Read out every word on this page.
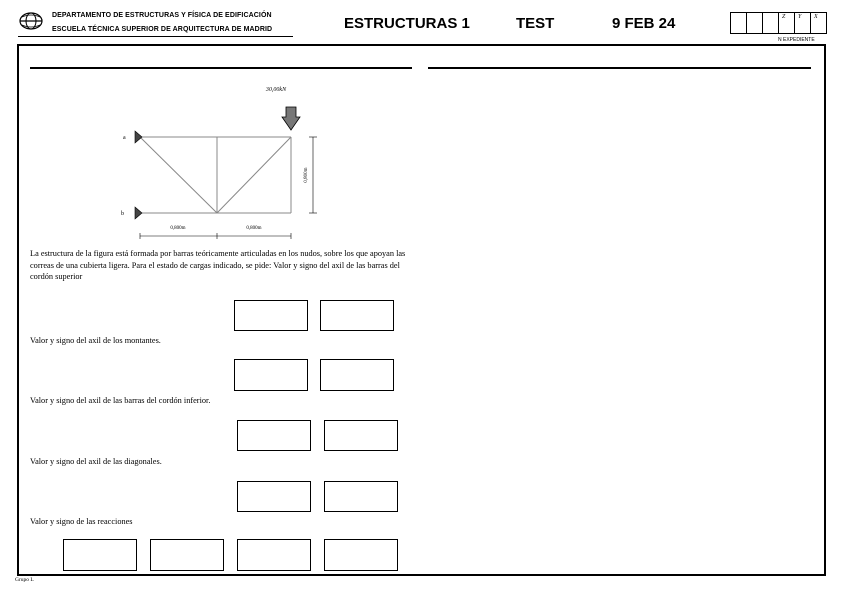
DEPARTAMENTO DE ESTRUCTURAS Y FÍSICA DE EDIFICACIÓN
ESCUELA TÉCNICA SUPERIOR DE ARQUITECTURA DE MADRID	ESTRUCTURAS 1	TEST	9 FEB 24	Z Y X
N EXPEDIENTE
30,00kN
a
b
0,800m
0,800m	0,800m
La estructura de la figura está formada por barras teóricamente articuladas en los nudos, sobre los que apoyan las correas de una cubierta ligera. Para el estado de cargas indicado, se pide: Valor y signo del axil de las barras del cordón superior
Valor y signo del axil de los montantes.
Valor y signo del axil de las barras del cordón inferior.
Valor y signo del axil de las diagonales.
Valor y signo de las reacciones
Grupo L
